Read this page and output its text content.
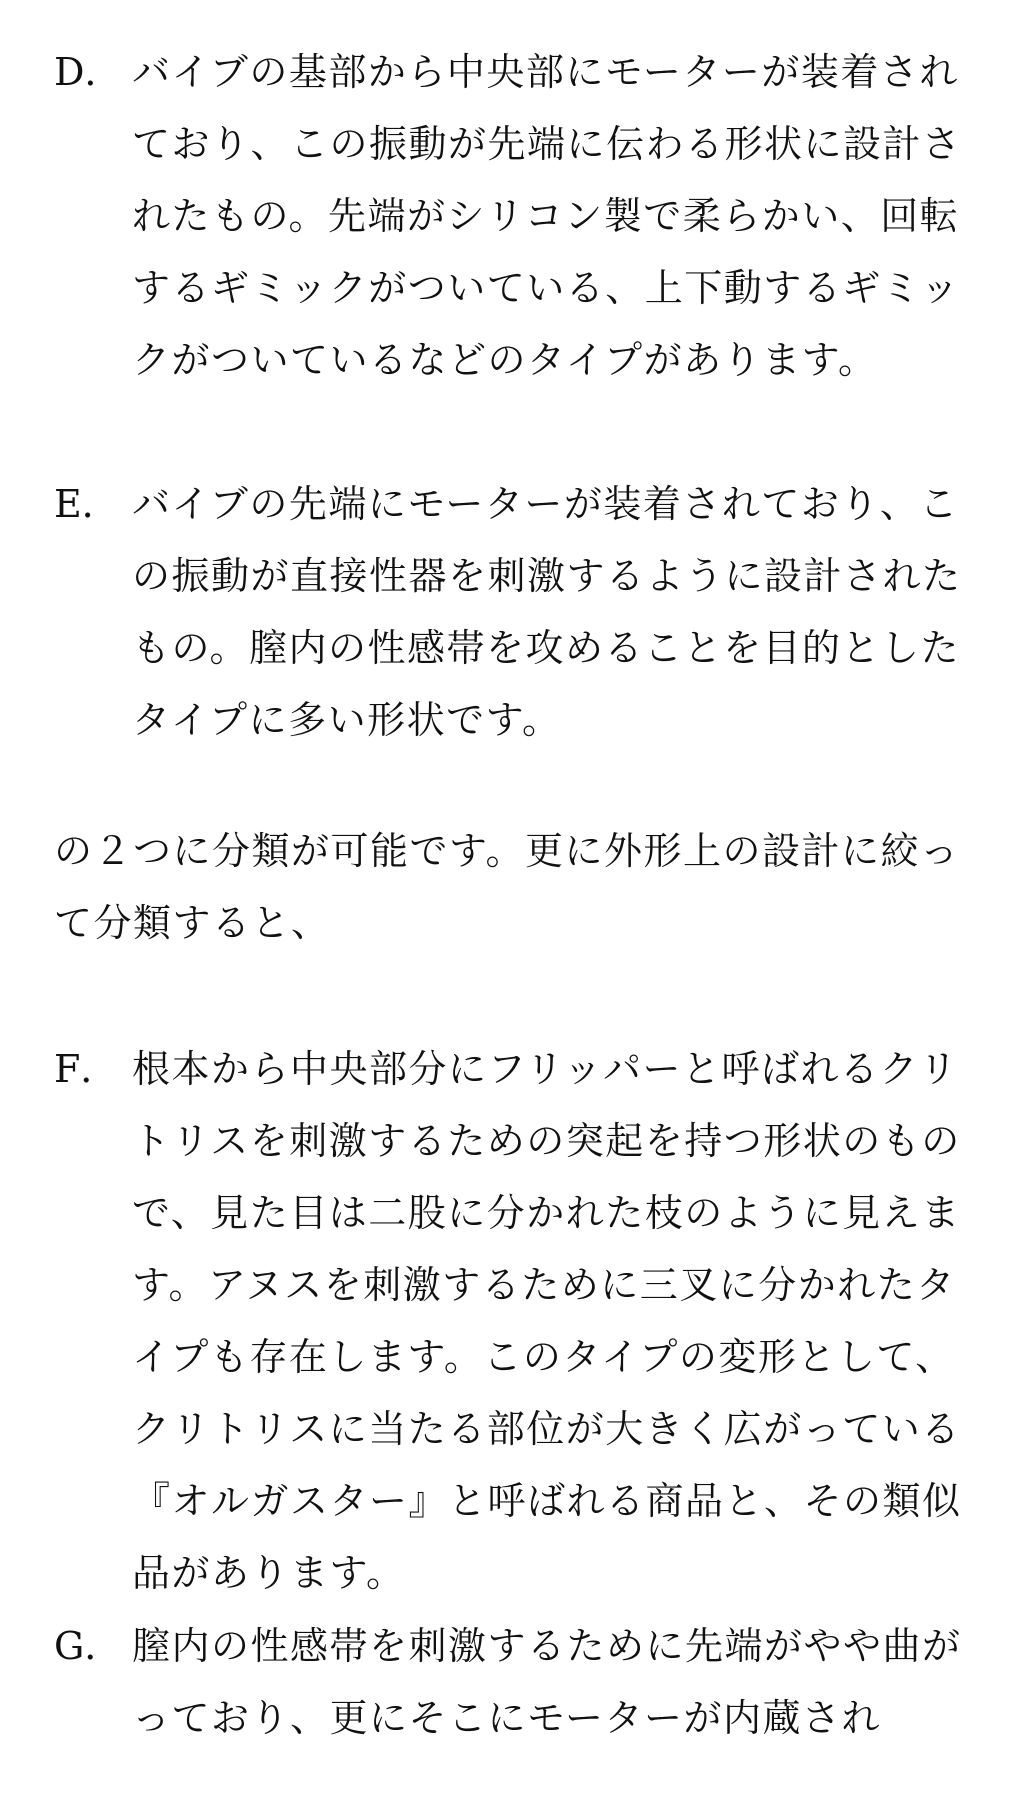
D． バイブの基部から中央部にモーターが装着されており、この振動が先端に伝わる形状に設計されたもの。先端がシリコン製で柔らかい、回転するギミックがついている、上下動するギミックがついているなどのタイプがあります。
E． バイブの先端にモーターが装着されており、この振動が直接性器を刺激するように設計されたもの。膣内の性感帯を攻めることを目的としたタイプに多い形状です。
の２つに分類が可能です。更に外形上の設計に絞って分類すると、
F． 根本から中央部分にフリッパーと呼ばれるクリトリスを刺激するための突起を持つ形状のもので、見た目は二股に分かれた枝のように見えます。アヌスを刺激するために三叉に分かれたタイプも存在します。このタイプの変形として、クリトリスに当たる部位が大きく広がっている『オルガスター』と呼ばれる商品と、その類似品があります。
G． 膣内の性感帯を刺激するために先端がやや曲がっており、更にそこにモーターが内蔵され
